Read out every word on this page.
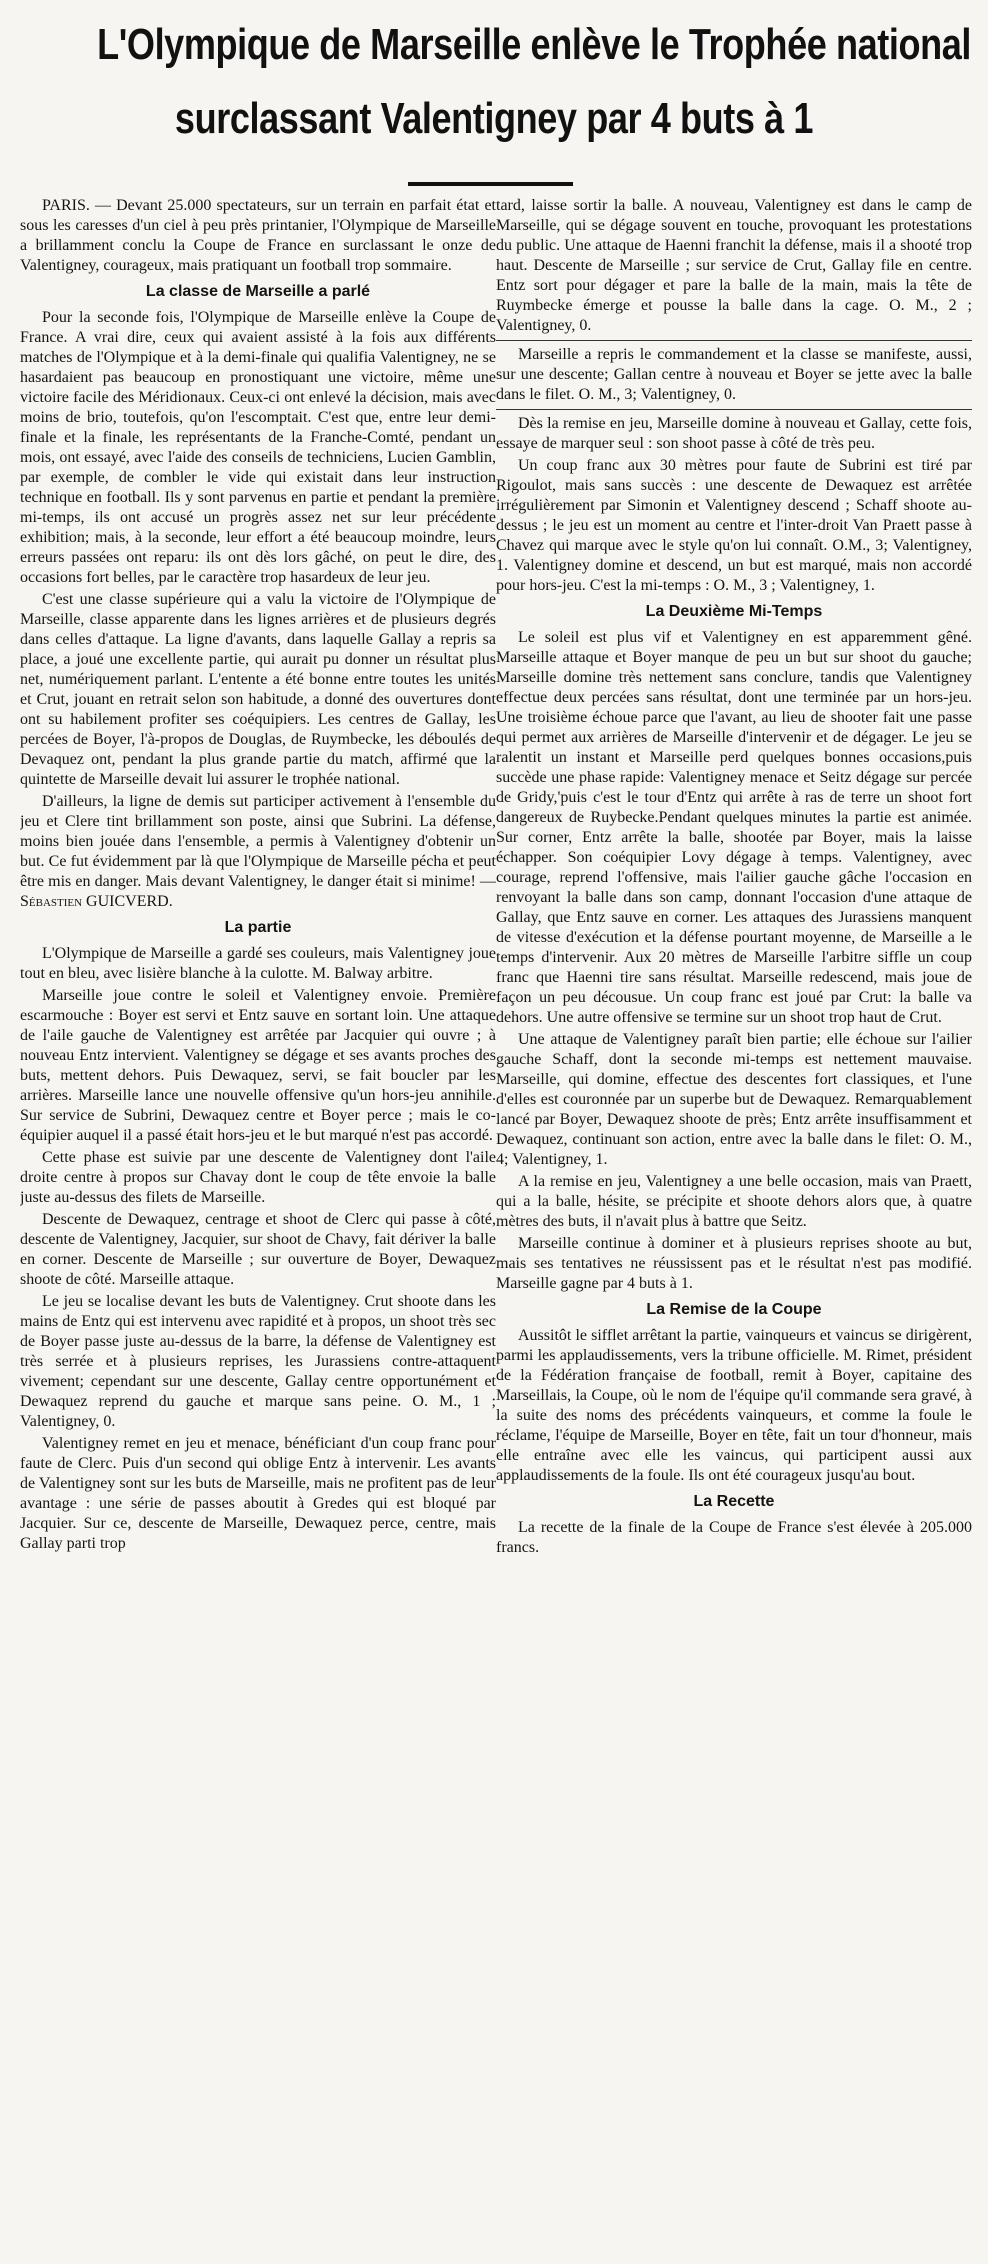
L'Olympique de Marseille enlève le Trophée national
surclassant Valentigney par 4 buts à 1

PARIS. — Devant 25.000 spectateurs, sur un terrain en parfait état et sous les caresses d'un ciel à peu près printanier, l'Olympique de Marseille a brillamment conclu la Coupe de France en surclassant le onze de Valentigney, courageux, mais pratiquant un football trop sommaire.

La classe de Marseille a parlé

Pour la seconde fois, l'Olympique de Marseille enlève la Coupe de France. A vrai dire, ceux qui avaient assisté à la fois aux différents matches de l'Olympique et à la demi-finale qui qualifia Valentigney, ne se hasardaient pas beaucoup en pronostiquant une victoire, même une victoire facile des Méridionaux. Ceux-ci ont enlevé la décision, mais avec moins de brio, toutefois, qu'on l'escomptait. C'est que, entre leur demi-finale et la finale, les représentants de la Franche-Comté, pendant un mois, ont essayé, avec l'aide des conseils de techniciens, Lucien Gamblin, par exemple, de combler le vide qui existait dans leur instruction technique en football. Ils y sont parvenus en partie et pendant la première mi-temps, ils ont accusé un progrès assez net sur leur précédente exhibition; mais, à la seconde, leur effort a été beaucoup moindre, leurs erreurs passées ont reparu: ils ont dès lors gâché, on peut le dire, des occasions fort belles, par le caractère trop hasardeux de leur jeu.

C'est une classe supérieure qui a valu la victoire de l'Olympique de Marseille, classe apparente dans les lignes arrières et de plusieurs degrés dans celles d'attaque. La ligne d'avants, dans laquelle Gallay a repris sa place, a joué une excellente partie, qui aurait pu donner un résultat plus net, numériquement parlant. L'entente a été bonne entre toutes les unités et Crut, jouant en retrait selon son habitude, a donné des ouvertures dont ont su habilement profiter ses coéquipiers. Les centres de Gallay, les percées de Boyer, l'à-propos de Douglas, de Ruymbecke, les déboulés de Devaquez ont, pendant la plus grande partie du match, affirmé que la quintette de Marseille devait lui assurer le trophée national.

D'ailleurs, la ligne de demis sut participer activement à l'ensemble du jeu et Clere tint brillamment son poste, ainsi que Subrini. La défense, moins bien jouée dans l'ensemble, a permis à Valentigney d'obtenir un but. Ce fut évidemment par là que l'Olympique de Marseille pécha et peut être mis en danger. Mais devant Valentigney, le danger était si minime! — Sébastien GUICVERD.

La partie

L'Olympique de Marseille a gardé ses couleurs, mais Valentigney joue tout en bleu, avec lisière blanche à la culotte. M. Balway arbitre.

Marseille joue contre le soleil et Valentigney envoie. Première escarmouche : Boyer est servi et Entz sauve en sortant loin. Une attaque de l'aile gauche de Valentigney est arrêtée par Jacquier qui ouvre ; à nouveau Entz intervient. Valentigney se dégage et ses avants proches des buts, mettent dehors. Puis Dewaquez, servi, se fait boucler par les arrières. Marseille lance une nouvelle offensive qu'un hors-jeu annihile. Sur service de Subrini, Dewaquez centre et Boyer perce ; mais le co-équipier auquel il a passé était hors-jeu et le but marqué n'est pas accordé.

Cette phase est suivie par une descente de Valentigney dont l'aile droite centre à propos sur Chavay dont le coup de tête envoie la balle juste au-dessus des filets de Marseille.

Descente de Dewaquez, centrage et shoot de Clerc qui passe à côté, descente de Valentigney, Jacquier, sur shoot de Chavy, fait dériver la balle en corner. Descente de Marseille ; sur ouverture de Boyer, Dewaquez shoote de côté. Marseille attaque.

Le jeu se localise devant les buts de Valentigney. Crut shoote dans les mains de Entz qui est intervenu avec rapidité et à propos, un shoot très sec de Boyer passe juste au-dessus de la barre, la défense de Valentigney est très serrée et à plusieurs reprises, les Jurassiens contre-attaquent vivement; cependant sur une descente, Gallay centre opportunément et Dewaquez reprend du gauche et marque sans peine. O. M., 1 ; Valentigney, 0.

Valentigney remet en jeu et menace, bénéficiant d'un coup franc pour faute de Clerc. Puis d'un second qui oblige Entz à intervenir. Les avants de Valentigney sont sur les buts de Marseille, mais ne profitent pas de leur avantage : une série de passes aboutit à Gredes qui est bloqué par Jacquier. Sur ce, descente de Marseille, Dewaquez perce, centre, mais Gallay parti trop

tard, laisse sortir la balle. A nouveau, Valentigney est dans le camp de Marseille, qui se dégage souvent en touche, provoquant les protestations du public. Une attaque de Haenni franchit la défense, mais il a shooté trop haut. Descente de Marseille ; sur service de Crut, Gallay file en centre. Entz sort pour dégager et pare la balle de la main, mais la tête de Ruymbecke émerge et pousse la balle dans la cage. O. M., 2 ; Valentigney, 0.

Marseille a repris le commandement et la classe se manifeste, aussi, sur une descente; Gallan centre à nouveau et Boyer se jette avec la balle dans le filet. O. M., 3; Valentigney, 0.

Dès la remise en jeu, Marseille domine à nouveau et Gallay, cette fois, essaye de marquer seul : son shoot passe à côté de très peu.

Un coup franc aux 30 mètres pour faute de Subrini est tiré par Rigoulot, mais sans succès : une descente de Dewaquez est arrêtée irrégulièrement par Simonin et Valentigney descend ; Schaff shoote au-dessus ; le jeu est un moment au centre et l'inter-droit Van Praett passe à Chavez qui marque avec le style qu'on lui connaît. O.M., 3; Valentigney, 1. Valentigney domine et descend, un but est marqué, mais non accordé pour hors-jeu. C'est la mi-temps : O. M., 3 ; Valentigney, 1.

La Deuxième Mi-Temps

Le soleil est plus vif et Valentigney en est apparemment gêné. Marseille attaque et Boyer manque de peu un but sur shoot du gauche; Marseille domine très nettement sans conclure, tandis que Valentigney effectue deux percées sans résultat, dont une terminée par un hors-jeu. Une troisième échoue parce que l'avant, au lieu de shooter fait une passe qui permet aux arrières de Marseille d'intervenir et de dégager. Le jeu se ralentit un instant et Marseille perd quelques bonnes occasions,puis succède une phase rapide: Valentigney menace et Seitz dégage sur percée de Gridy,'puis c'est le tour d'Entz qui arrête à ras de terre un shoot fort dangereux de Ruybecke.Pendant quelques minutes la partie est animée. Sur corner, Entz arrête la balle, shootée par Boyer, mais la laisse échapper. Son coéquipier Lovy dégage à temps. Valentigney, avec courage, reprend l'offensive, mais l'ailier gauche gâche l'occasion en renvoyant la balle dans son camp, donnant l'occasion d'une attaque de Gallay, que Entz sauve en corner. Les attaques des Jurassiens manquent de vitesse d'exécution et la défense pourtant moyenne, de Marseille a le temps d'intervenir. Aux 20 mètres de Marseille l'arbitre siffle un coup franc que Haenni tire sans résultat. Marseille redescend, mais joue de façon un peu décousue. Un coup franc est joué par Crut: la balle va dehors. Une autre offensive se termine sur un shoot trop haut de Crut.

Une attaque de Valentigney paraît bien partie; elle échoue sur l'ailier gauche Schaff, dont la seconde mi-temps est nettement mauvaise. Marseille, qui domine, effectue des descentes fort classiques, et l'une d'elles est couronnée par un superbe but de Dewaquez. Remarquablement lancé par Boyer, Dewaquez shoote de près; Entz arrête insuffisamment et Dewaquez, continuant son action, entre avec la balle dans le filet: O. M., 4; Valentigney, 1.

A la remise en jeu, Valentigney a une belle occasion, mais van Praett, qui a la balle, hésite, se précipite et shoote dehors alors que, à quatre mètres des buts, il n'avait plus à battre que Seitz.

Marseille continue à dominer et à plusieurs reprises shoote au but, mais ses tentatives ne réussissent pas et le résultat n'est pas modifié. Marseille gagne par 4 buts à 1.

La Remise de la Coupe

Aussitôt le sifflet arrêtant la partie, vainqueurs et vaincus se dirigèrent, parmi les applaudissements, vers la tribune officielle. M. Rimet, président de la Fédération française de football, remit à Boyer, capitaine des Marseillais, la Coupe, où le nom de l'équipe qu'il commande sera gravé, à la suite des noms des précédents vainqueurs, et comme la foule le réclame, l'équipe de Marseille, Boyer en tête, fait un tour d'honneur, mais elle entraîne avec elle les vaincus, qui participent aussi aux applaudissements de la foule. Ils ont été courageux jusqu'au bout.

La Recette

La recette de la finale de la Coupe de France s'est élevée à 205.000 francs.
